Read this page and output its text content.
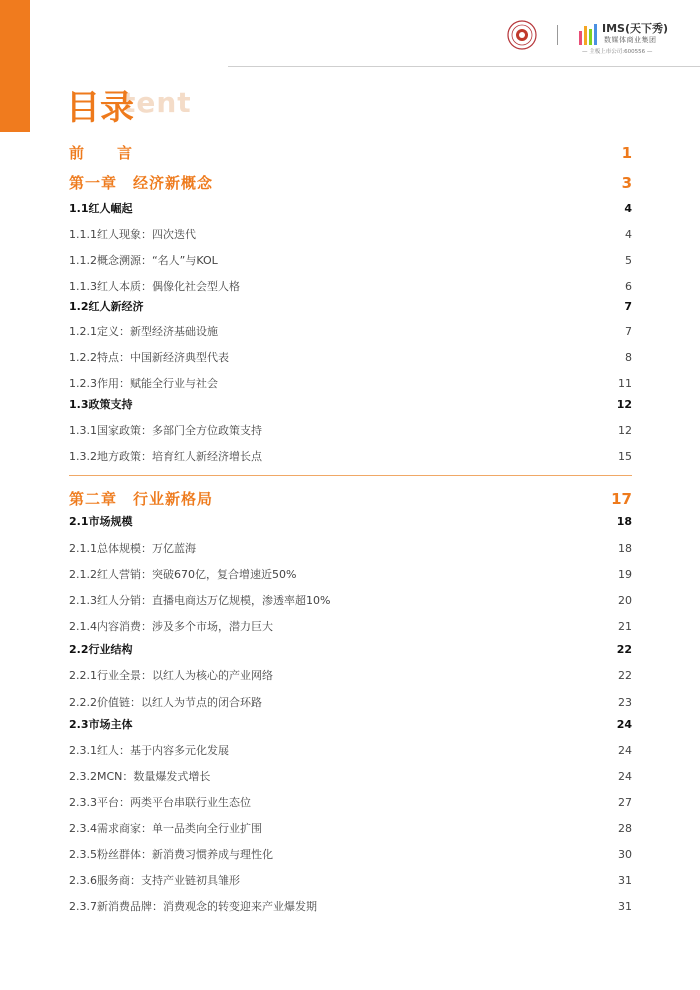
IMS(天下秀)
数媒体商业集团
— 主板上市公司:600556 —
tent
目录
前　　言	1
第一章　经济新概念	3
1.1红人崛起	4
1.1.1红人现象：四次迭代	4
1.1.2概念溯源：“名人”与KOL	5
1.1.3红人本质：偶像化社会型人格	6
1.2红人新经济	7
1.2.1定义：新型经济基础设施	7
1.2.2特点：中国新经济典型代表	8
1.2.3作用：赋能全行业与社会	11
1.3政策支持	12
1.3.1国家政策：多部门全方位政策支持	12
1.3.2地方政策：培育红人新经济增长点	15
第二章　行业新格局	17
2.1市场规模	18
2.1.1总体规模：万亿蓝海	18
2.1.2红人营销：突破670亿，复合增速近50%	19
2.1.3红人分销：直播电商达万亿规模，渗透率超10%	20
2.1.4内容消费：涉及多个市场，潜力巨大	21
2.2行业结构	22
2.2.1行业全景：以红人为核心的产业网络	22
2.2.2价值链：以红人为节点的闭合环路	23
2.3市场主体	24
2.3.1红人：基于内容多元化发展	24
2.3.2MCN：数量爆发式增长	24
2.3.3平台：两类平台串联行业生态位	27
2.3.4需求商家：单一品类向全行业扩围	28
2.3.5粉丝群体：新消费习惯养成与理性化	30
2.3.6服务商：支持产业链初具雏形	31
2.3.7新消费品牌：消费观念的转变迎来产业爆发期	31
